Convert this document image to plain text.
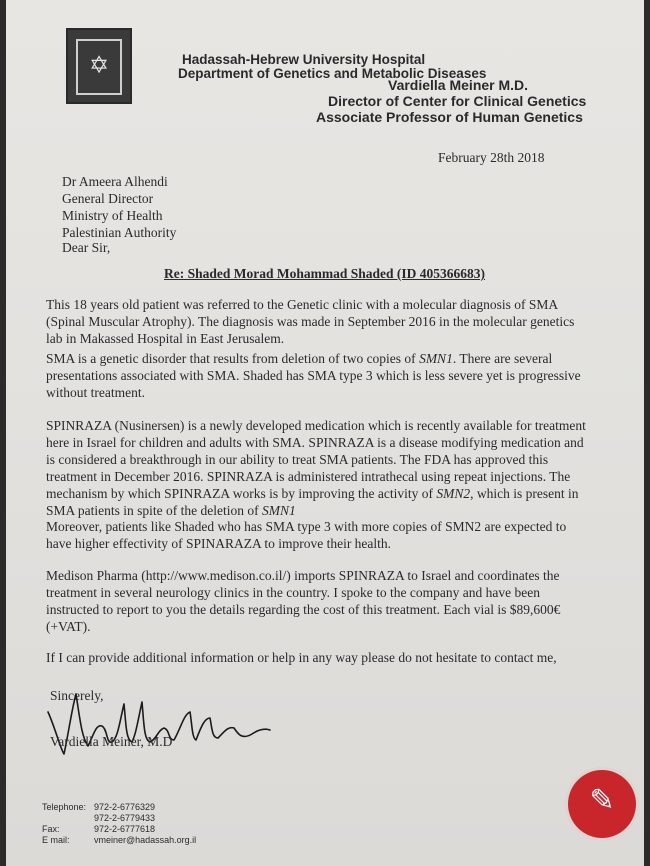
✡	Hadassah-Hebrew University Hospital
Department of Genetics and Metabolic Diseases
Vardiella Meiner M.D.
Director of Center for Clinical Genetics
Associate Professor of Human Genetics
February 28th 2018
Dr Ameera Alhendi
General Director
Ministry of Health
Palestinian Authority
Dear Sir,
Re: Shaded Morad Mohammad Shaded (ID 405366683)
This 18 years old patient was referred to the Genetic clinic with a molecular diagnosis of SMA
(Spinal Muscular Atrophy). The diagnosis was made in September 2016 in the molecular genetics
lab in Makassed Hospital in East Jerusalem.
SMA is a genetic disorder that results from deletion of two copies of SMN1. There are several
presentations associated with SMA. Shaded has SMA type 3 which is less severe yet is progressive
without treatment.
SPINRAZA (Nusinersen) is a newly developed medication which is recently available for treatment
here in Israel for children and adults with SMA. SPINRAZA is a disease modifying medication and
is considered a breakthrough in our ability to treat SMA patients. The FDA has approved this
treatment in December 2016. SPINRAZA is administered intrathecal using repeat injections. The
mechanism by which SPINRAZA works is by improving the activity of SMN2, which is present in
SMA patients in spite of the deletion of SMN1
Moreover, patients like Shaded who has SMA type 3 with more copies of SMN2 are expected to
have higher effectivity of SPINARAZA to improve their health.
Medison Pharma (http://www.medison.co.il/) imports SPINRAZA to Israel and coordinates the
treatment in several neurology clinics in the country. I spoke to the company and have been
instructed to report to you the details regarding the cost of this treatment. Each vial is $89,600€
(+VAT).
If I can provide additional information or help in any way please do not hesitate to contact me,
Sincerely,
Vardiella Meiner, M.D
Telephone: 972-2-6776329
972-2-6779433
Fax:	972-2-6777618
E mail:	vmeiner@hadassah.org.il
✎
